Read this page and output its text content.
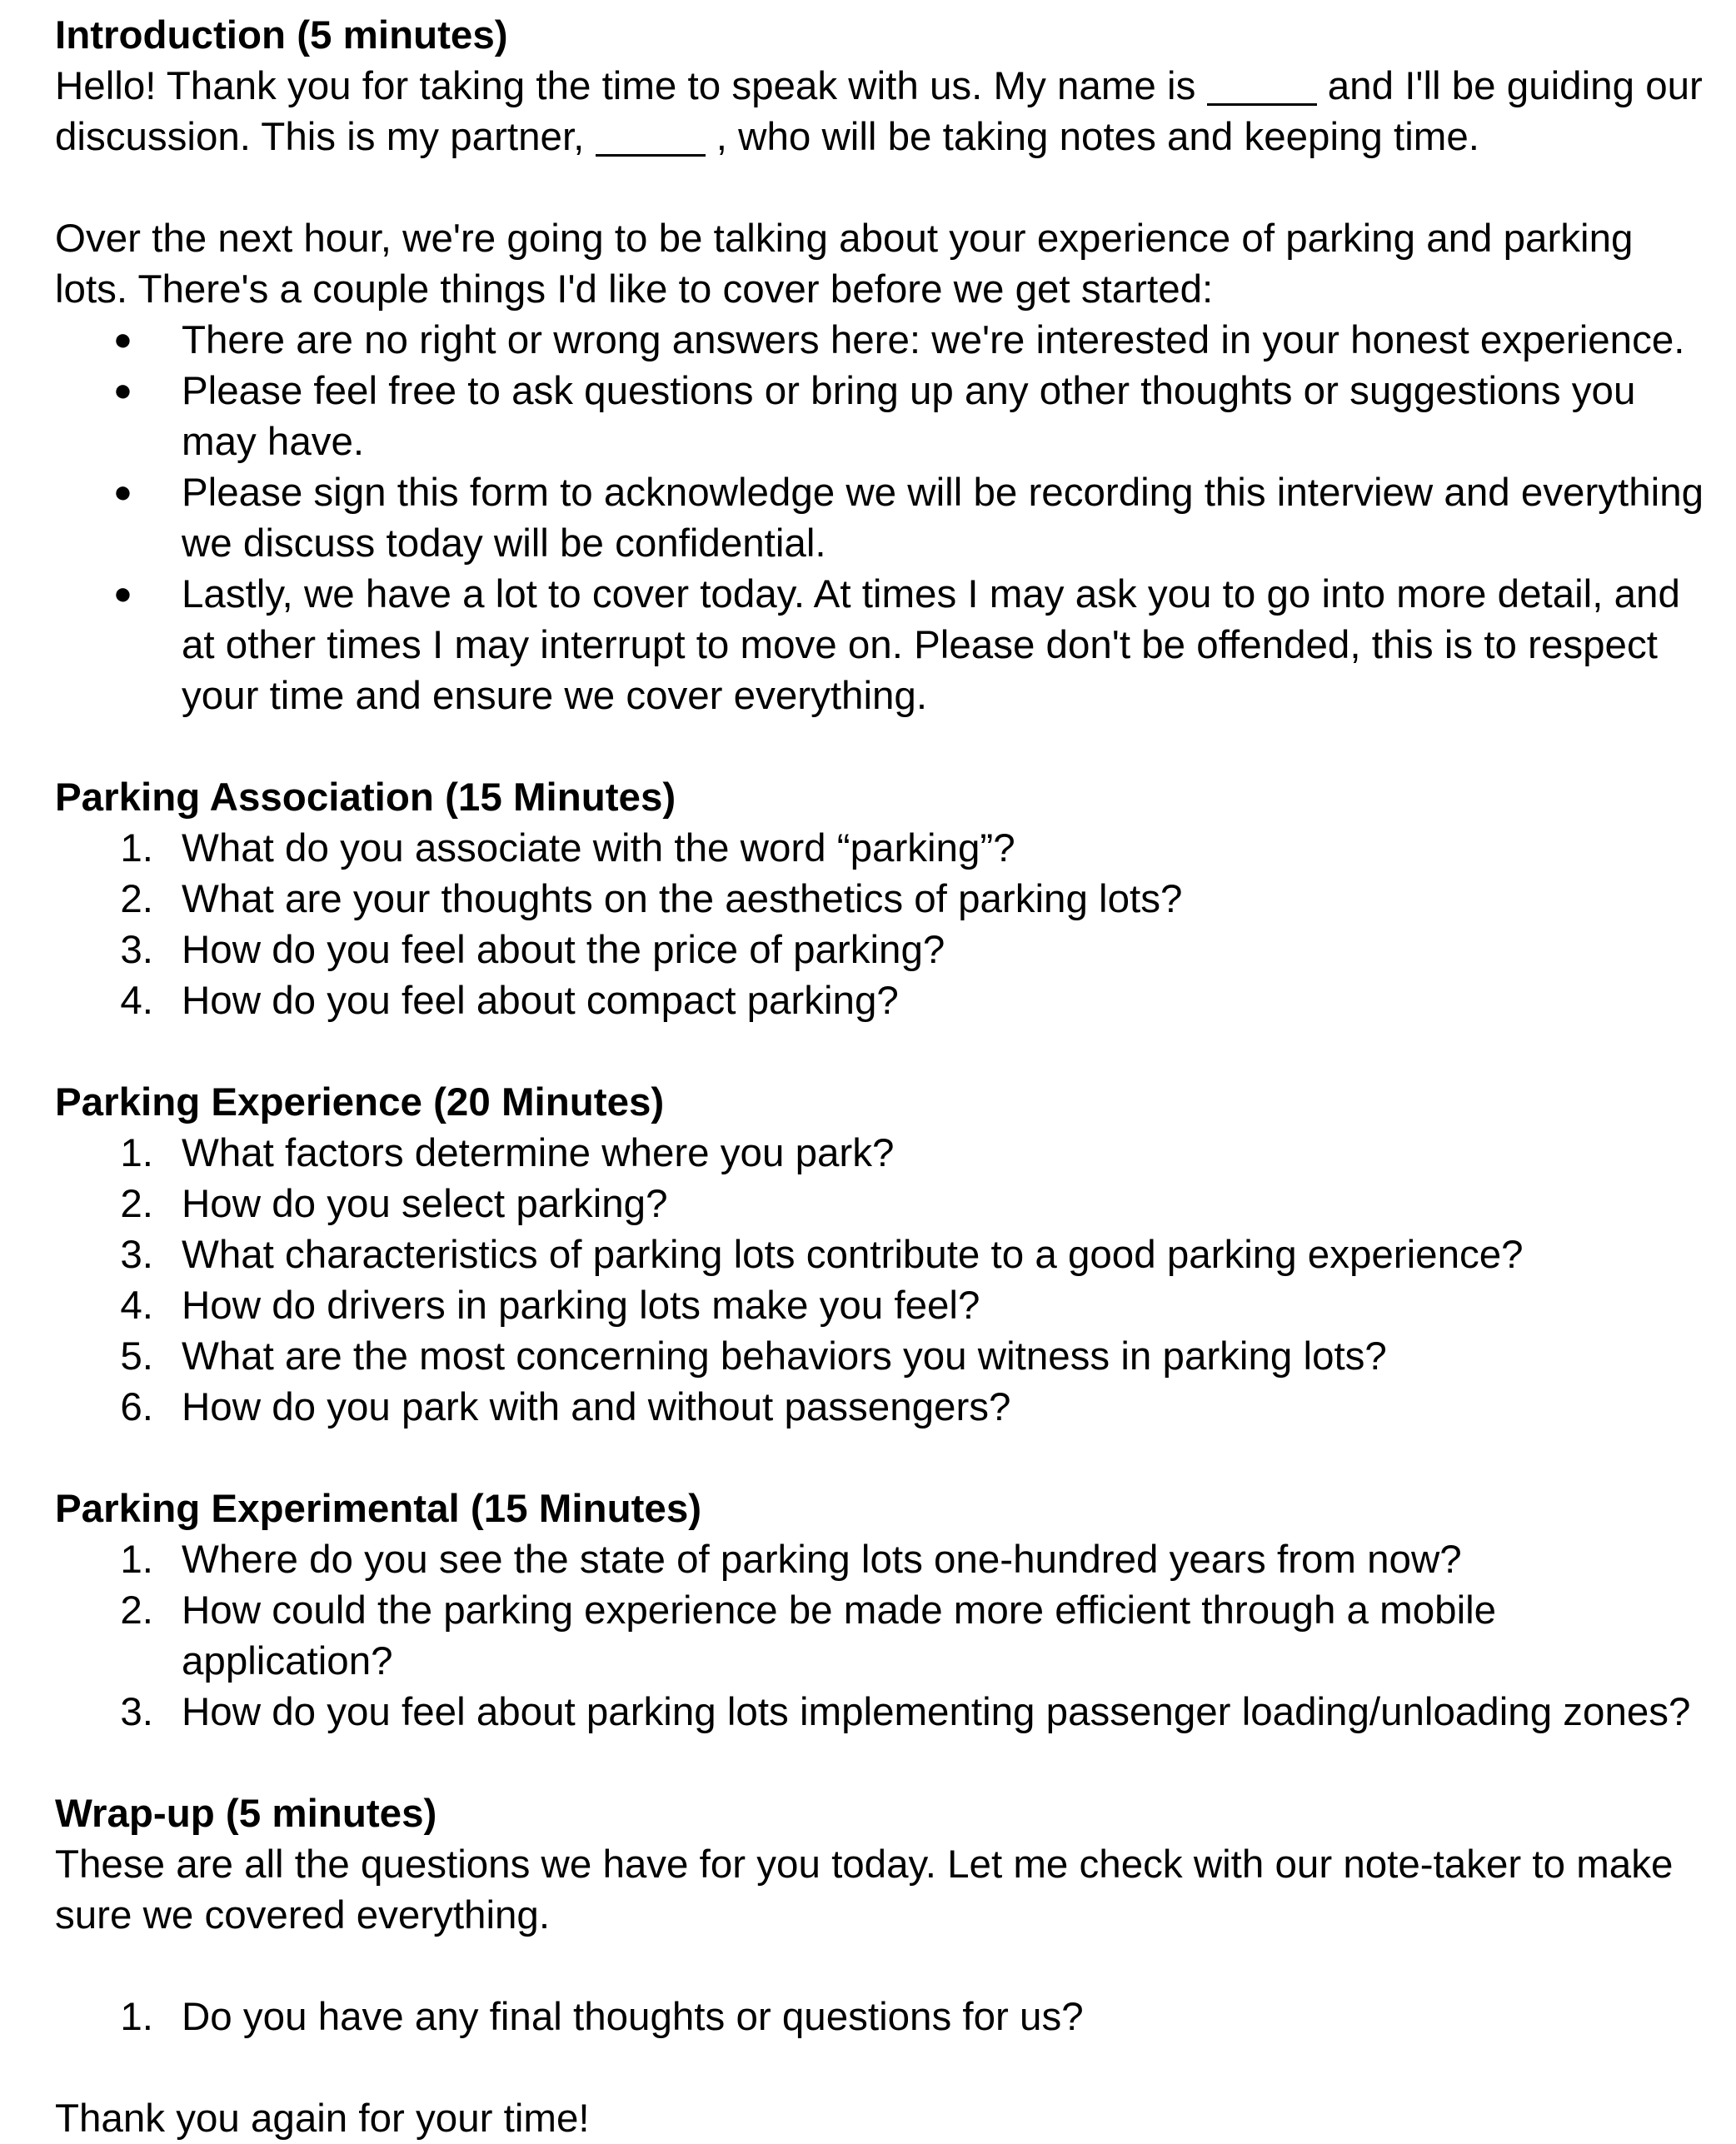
Introduction (5 minutes)

Hello! Thank you for taking the time to speak with us. My name is	and I'll be guiding our discussion. This is my partner,	, who will be taking notes and keeping time.

Over the next hour, we're going to be talking about your experience of parking and parking lots. There's a couple things I'd like to cover before we get started:

● There are no right or wrong answers here: we're interested in your honest experience.
● Please feel free to ask questions or bring up any other thoughts or suggestions you may have.
● Please sign this form to acknowledge we will be recording this interview and everything we discuss today will be confidential.
● Lastly, we have a lot to cover today. At times I may ask you to go into more detail, and at other times I may interrupt to move on. Please don't be offended, this is to respect your time and ensure we cover everything.
Parking Association (15 Minutes)
1. What do you associate with the word “parking”?
2. What are your thoughts on the aesthetics of parking lots?
3. How do you feel about the price of parking?
4. How do you feel about compact parking?
Parking Experience (20 Minutes)
1. What factors determine where you park?
2. How do you select parking?
3. What characteristics of parking lots contribute to a good parking experience?
4. How do drivers in parking lots make you feel?
5. What are the most concerning behaviors you witness in parking lots?
6. How do you park with and without passengers?
Parking Experimental (15 Minutes)
1. Where do you see the state of parking lots one-hundred years from now?
2. How could the parking experience be made more efficient through a mobile application?
3. How do you feel about parking lots implementing passenger loading/unloading zones?
Wrap-up (5 minutes)

These are all the questions we have for you today. Let me check with our note-taker to make sure we covered everything.

1. Do you have any final thoughts or questions for us?

Thank you again for your time!
